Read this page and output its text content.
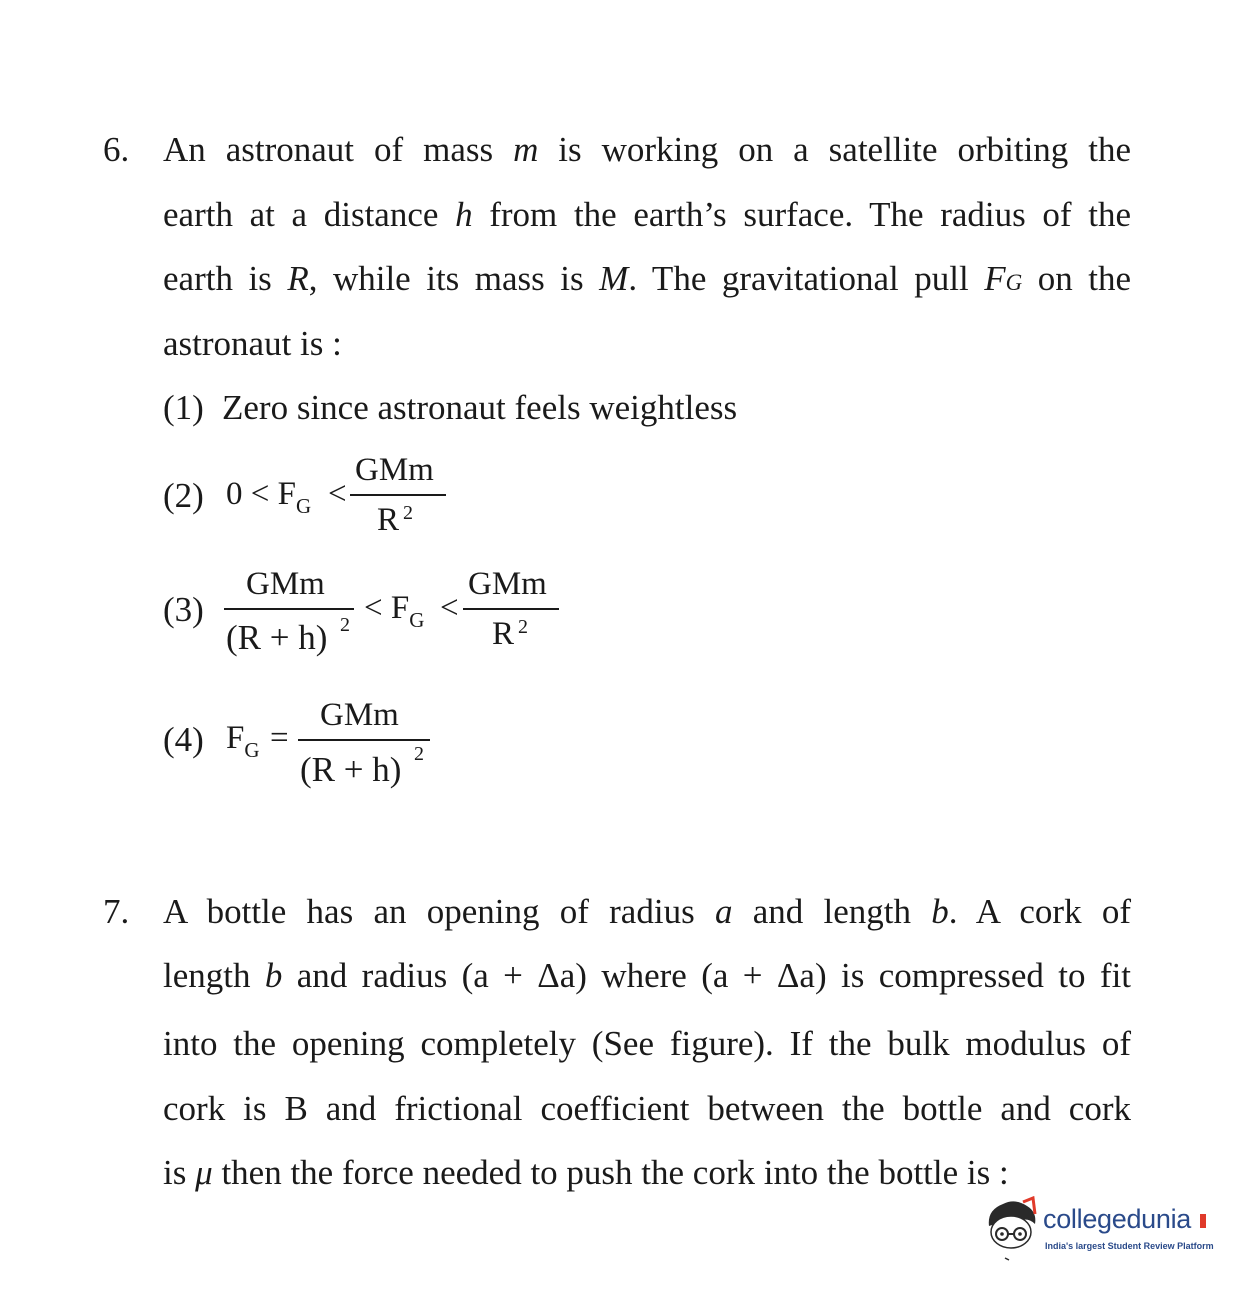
6. An astronaut of mass m is working on a satellite orbiting the
earth at a distance h from the earth’s surface. The radius of the
earth is R, while its mass is M. The gravitational pull FG on the
astronaut is :
(1) Zero since astronaut feels weightless
(2) $0 < F_G$ <
GMm
R 2
(3)
GMm
(R + h) $2 < F_G$ <
GMm
R 2
(4) $F_G$ =
GMm
(R + h) 2
7. A bottle has an opening of radius a and length b. A cork of
length b and radius (a + Δa) where (a + Δa) is compressed to fit
into the opening completely (See figure). If the bulk modulus of
cork is B and frictional coefficient between the bottle and cork
is μ then the force needed to push the cork into the bottle is :
collegedunia
India's largest Student Review Platform
